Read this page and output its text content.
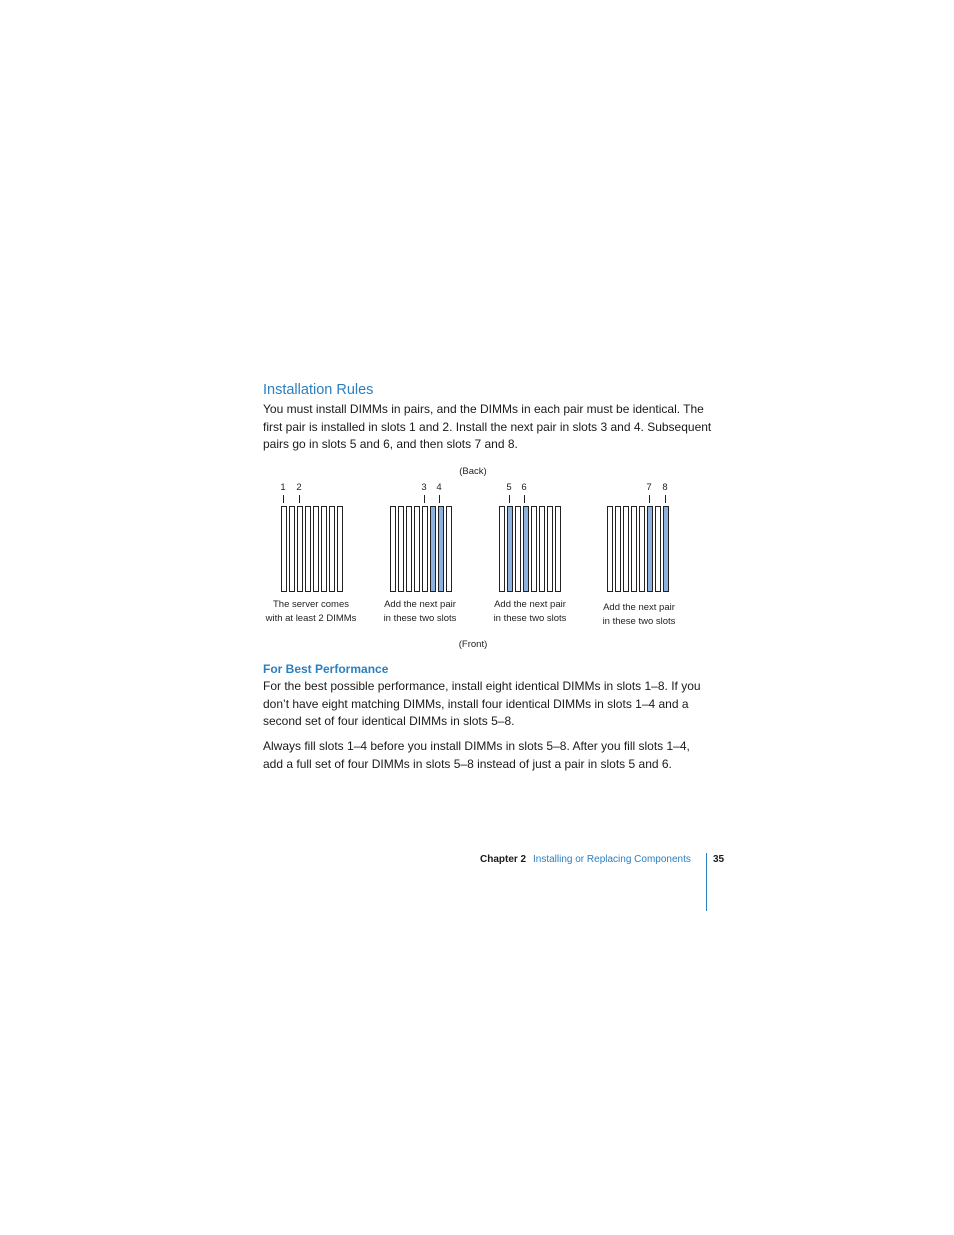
Installation Rules

You must install DIMMs in pairs, and the DIMMs in each pair must be identical. The first pair is installed in slots 1 and 2. Install the next pair in slots 3 and 4. Subsequent pairs go in slots 5 and 6, and then slots 7 and 8.

(Back)
1 2
The server comes
with at least 2 DIMMs
3 4
Add the next pair
in these two slots
5 6
Add the next pair
in these two slots
7 8
Add the next pair
in these two slots
(Front)
For Best Performance

For the best possible performance, install eight identical DIMMs in slots 1–8. If you don’t have eight matching DIMMs, install four identical DIMMs in slots 1–4 and a second set of four identical DIMMs in slots 5–8.

Always fill slots 1–4 before you install DIMMs in slots 5–8. After you fill slots 1–4, add a full set of four DIMMs in slots 5–8 instead of just a pair in slots 5 and 6.

Chapter 2 Installing or Replacing Components 35
